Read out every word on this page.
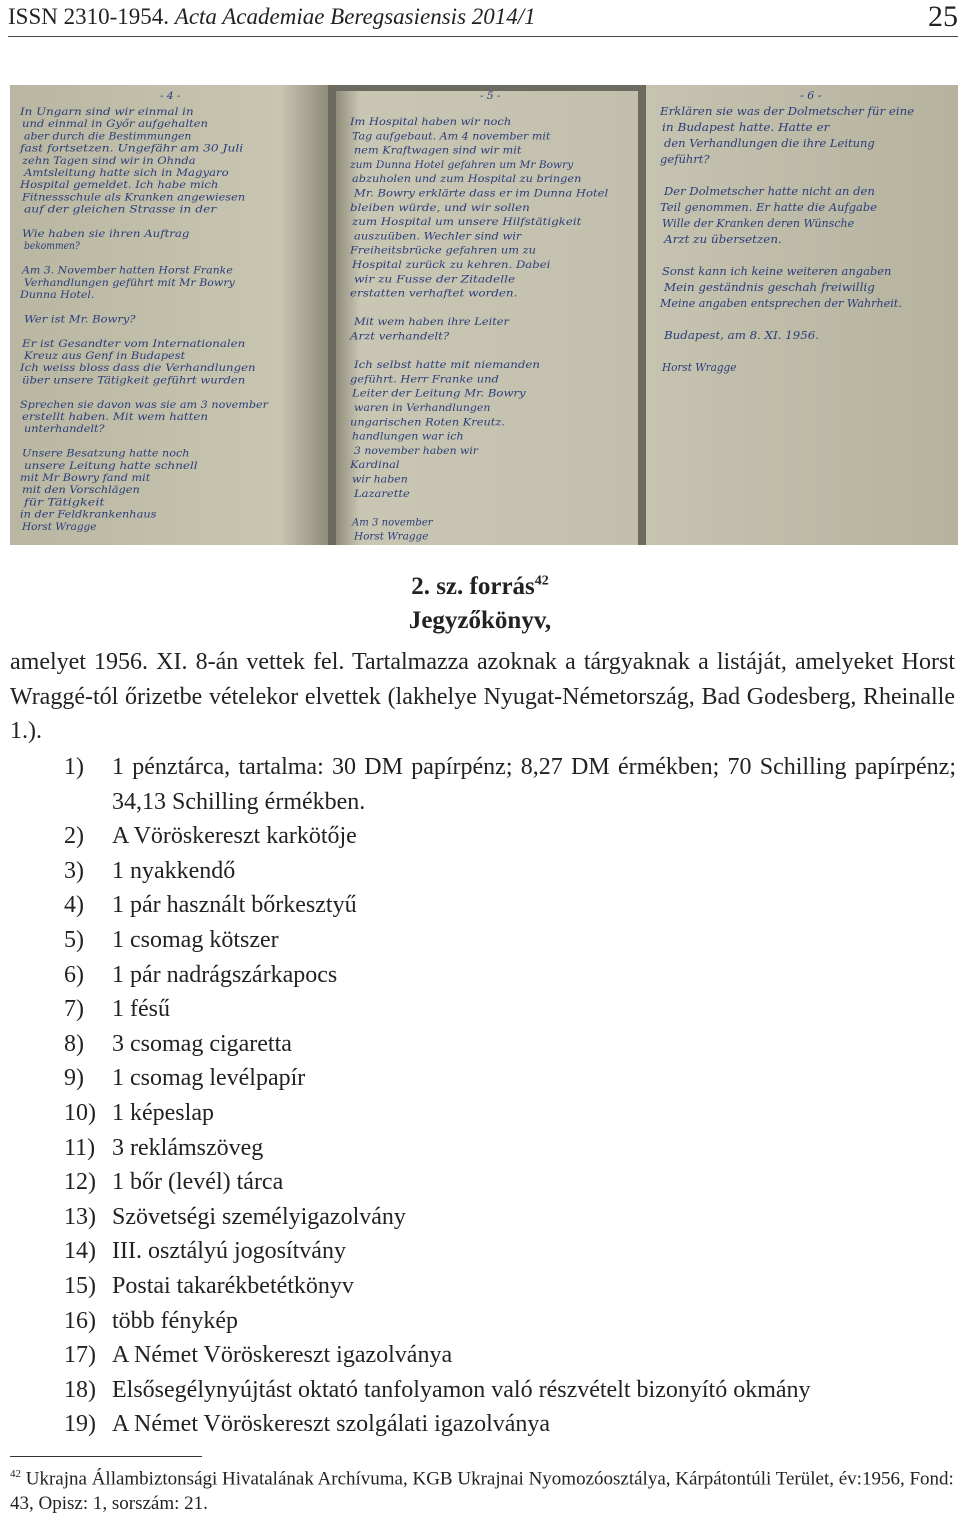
ISSN 2310-1954. Acta Academiae Beregsasiensis 2014/1	25
- 4 -
In Ungarn sind wir einmal in
und einmal in Győr aufgehalten
aber durch die Bestimmungen
fast fortsetzen. Ungefähr am 30 Juli
zehn Tagen sind wir in Ohnda
Amtsleitung hatte sich in Magyaro
Hospital gemeldet. Ich habe mich
Fitnessschule als Kranken angewiesen
auf der gleichen Strasse in der
Wie haben sie ihren Auftrag
bekommen?
Am 3. November hatten Horst Franke
Verhandlungen geführt mit Mr Bowry
Dunna Hotel.
Wer ist Mr. Bowry?
Er ist Gesandter vom Internationalen
Kreuz aus Genf in Budapest
Ich weiss bloss dass die Verhandlungen
über unsere Tätigkeit geführt wurden
Sprechen sie davon was sie am 3 november
erstellt haben. Mit wem hatten
unterhandelt?
Unsere Besatzung hatte noch
unsere Leitung hatte schnell
mit Mr Bowry fand mit
mit den Vorschlägen
für Tätigkeit
in der Feldkrankenhaus
Horst Wragge
- 5 -
Im Hospital haben wir noch
Tag aufgebaut. Am 4 november mit
nem Kraftwagen sind wir mit
zum Dunna Hotel gefahren um Mr Bowry
abzuholen und zum Hospital zu bringen
Mr. Bowry erklärte dass er im Dunna Hotel
bleiben würde, und wir sollen
zum Hospital um unsere Hilfstätigkeit
auszuüben. Wechler sind wir
Freiheitsbrücke gefahren um zu
Hospital zurück zu kehren. Dabei
wir zu Fusse der Zitadelle
erstatten verhaftet worden.
Mit wem haben ihre Leiter
Arzt verhandelt?
Ich selbst hatte mit niemanden
geführt. Herr Franke und
Leiter der Leitung Mr. Bowry
waren in Verhandlungen
ungarischen Roten Kreutz.
handlungen war ich
3 november haben wir
Kardinal
wir haben
Lazarette
Am 3 november
Horst Wragge
- 6 -
Erklären sie was der Dolmetscher für eine
in Budapest hatte. Hatte er
den Verhandlungen die ihre Leitung
geführt?
Der Dolmetscher hatte nicht an den
Teil genommen. Er hatte die Aufgabe
Wille der Kranken deren Wünsche
Arzt zu übersetzen.
Sonst kann ich keine weiteren angaben
Mein geständnis geschah freiwillig
Meine angaben entsprechen der Wahrheit.
Budapest, am 8. XI. 1956.
Horst Wragge
2. sz. forrás$^{42}$
Jegyzőkönyv,
amelyet 1956. XI. 8-án vettek fel. Tartalmazza azoknak a tárgyaknak a listáját, amelyeket Horst Wraggé-tól őrizetbe vételekor elvettek (lakhelye Nyugat-Németország, Bad Godesberg, Rheinalle 1.).
1) 1 pénztárca, tartalma: 30 DM papírpénz; 8,27 DM érmékben; 70 Schilling papírpénz; 34,13 Schilling érmékben.
2) A Vöröskereszt karkötője
3) 1 nyakkendő
4) 1 pár használt bőrkesztyű
5) 1 csomag kötszer
6) 1 pár nadrágszárkapocs
7) 1 fésű
8) 3 csomag cigaretta
9) 1 csomag levélpapír
10) 1 képeslap
11) 3 reklámszöveg
12) 1 bőr (levél) tárca
13) Szövetségi személyigazolvány
14) III. osztályú jogosítvány
15) Postai takarékbetétkönyv
16) több fénykép
17) A Német Vöröskereszt igazolványa
18) Elsősegélynyújtást oktató tanfolyamon való részvételt bizonyító okmány
19) A Német Vöröskereszt szolgálati igazolványa
$^{42}$ Ukrajna Állambiztonsági Hivatalának Archívuma, KGB Ukrajnai Nyomozóosztálya, Kárpátontúli Terület, év:1956, Fond: 43, Opisz: 1, sorszám: 21.
